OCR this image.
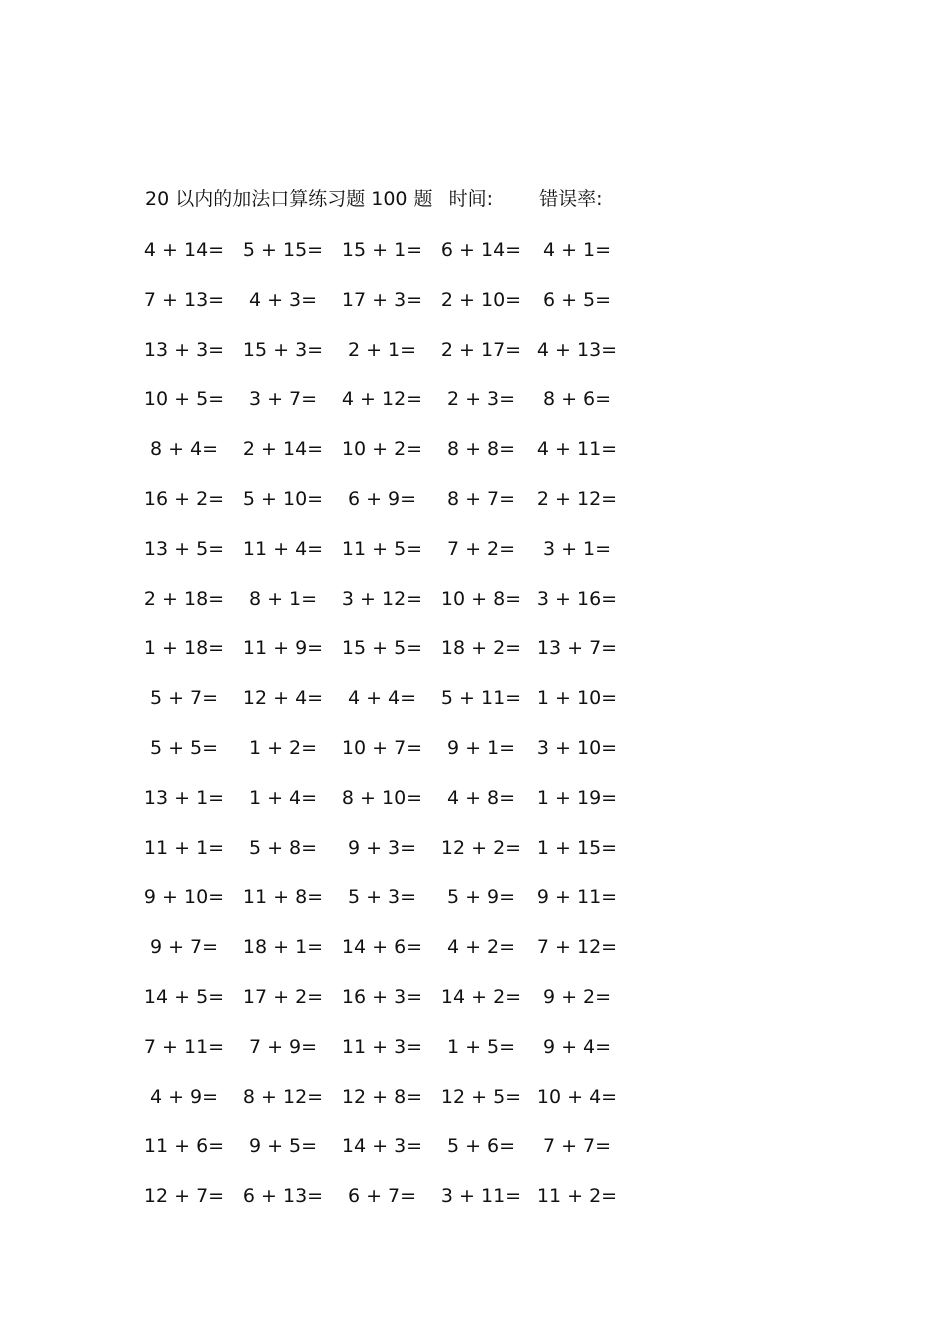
20 以内的加法口算练习题 100 题 时间: 错误率:
4 + 14= 5 + 15= 15 + 1= 6 + 14= 4 + 1=
7 + 13= 4 + 3= 17 + 3= 2 + 10= 6 + 5=
13 + 3= 15 + 3= 2 + 1= 2 + 17= 4 + 13=
10 + 5= 3 + 7= 4 + 12= 2 + 3= 8 + 6=
8 + 4= 2 + 14= 10 + 2= 8 + 8= 4 + 11=
16 + 2= 5 + 10= 6 + 9= 8 + 7= 2 + 12=
13 + 5= 11 + 4= 11 + 5= 7 + 2= 3 + 1=
2 + 18= 8 + 1= 3 + 12= 10 + 8= 3 + 16=
1 + 18= 11 + 9= 15 + 5= 18 + 2= 13 + 7=
5 + 7= 12 + 4= 4 + 4= 5 + 11= 1 + 10=
5 + 5= 1 + 2= 10 + 7= 9 + 1= 3 + 10=
13 + 1= 1 + 4= 8 + 10= 4 + 8= 1 + 19=
11 + 1= 5 + 8= 9 + 3= 12 + 2= 1 + 15=
9 + 10= 11 + 8= 5 + 3= 5 + 9= 9 + 11=
9 + 7= 18 + 1= 14 + 6= 4 + 2= 7 + 12=
14 + 5= 17 + 2= 16 + 3= 14 + 2= 9 + 2=
7 + 11= 7 + 9= 11 + 3= 1 + 5= 9 + 4=
4 + 9= 8 + 12= 12 + 8= 12 + 5= 10 + 4=
11 + 6= 9 + 5= 14 + 3= 5 + 6= 7 + 7=
12 + 7= 6 + 13= 6 + 7= 3 + 11= 11 + 2=
